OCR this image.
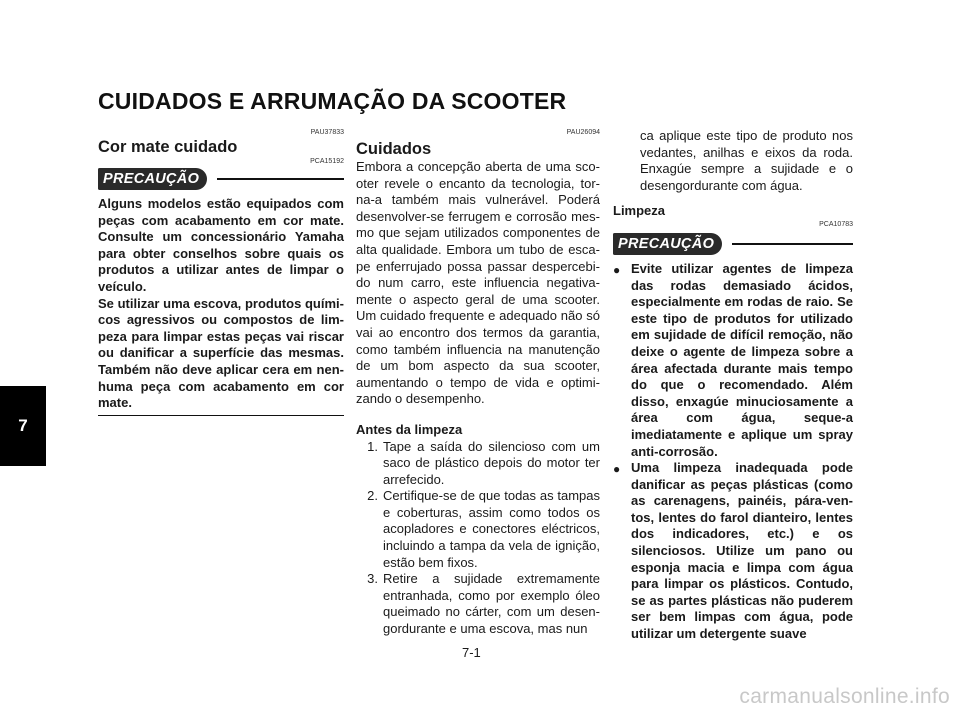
CUIDADOS E ARRUMAÇÃO DA SCOOTER
7
PAU37833
Cor mate cuidado
PCA15192
PRECAUÇÃO
Alguns modelos estão equipados com peças com acabamento em cor mate. Consulte um concessionário Yamaha para obter conselhos sobre quais os produtos a utilizar antes de limpar o veículo.
Se utilizar uma escova, produtos químicos agressivos ou compostos de limpeza para limpar estas peças vai riscar ou danificar a superfície das mesmas. Também não deve aplicar cera em nenhuma peça com acabamento em cor mate.
PAU26094
Cuidados
Embora a concepção aberta de uma scooter revele o encanto da tecnologia, torna-a também mais vulnerável. Poderá desenvolver-se ferrugem e corrosão mesmo que sejam utilizados componentes de alta qualidade. Embora um tubo de escape enferrujado possa passar despercebido num carro, este influencia negativamente o aspecto geral de uma scooter. Um cuidado frequente e adequado não só vai ao encontro dos termos da garantia, como também influencia na manutenção de um bom aspecto da sua scooter, aumentando o tempo de vida e optimizando o desempenho.
Antes da limpeza
1. Tape a saída do silencioso com um saco de plástico depois do motor ter arrefecido.
2. Certifique-se de que todas as tampas e coberturas, assim como todos os acopladores e conectores eléctricos, incluindo a tampa da vela de ignição, estão bem fixos.
3. Retire a sujidade extremamente entranhada, como por exemplo óleo queimado no cárter, com um desengordurante e uma escova, mas nun
ca aplique este tipo de produto nos vedantes, anilhas e eixos da roda. Enxagúe sempre a sujidade e o desengordurante com água.
Limpeza
PCA10783
PRECAUÇÃO
● Evite utilizar agentes de limpeza das rodas demasiado ácidos, especialmente em rodas de raio. Se este tipo de produtos for utilizado em sujidade de difícil remoção, não deixe o agente de limpeza sobre a área afectada durante mais tempo do que o recomendado. Além disso, enxagúe minuciosamente a área com água, seque-a imediatamente e aplique um spray anti-corrosão.
● Uma limpeza inadequada pode danificar as peças plásticas (como as carenagens, painéis, pára-ventos, lentes do farol dianteiro, lentes dos indicadores, etc.) e os silenciosos. Utilize um pano ou esponja macia e limpa com água para limpar os plásticos. Contudo, se as partes plásticas não puderem ser bem limpas com água, pode utilizar um detergente suave
7-1
carmanualsonline.info
